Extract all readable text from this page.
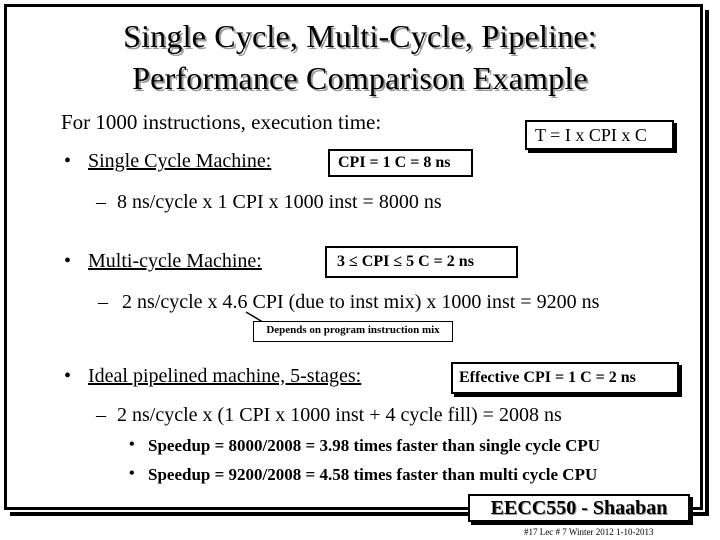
Single Cycle, Multi-Cycle, Pipeline:
Performance Comparison Example
For 1000 instructions, execution time:
T = I x CPI x C
• Single Cycle Machine:	CPI = 1 C = 8 ns
– 8 ns/cycle x 1 CPI x 1000 inst = 8000 ns
• Multi-cycle Machine:	3 ≤ CPI ≤ 5 C = 2 ns
– 2 ns/cycle x 4.6 CPI (due to inst mix) x 1000 inst = 9200 ns
Depends on program instruction mix
• Ideal pipelined machine, 5-stages:	Effective CPI = 1 C = 2 ns
– 2 ns/cycle x (1 CPI x 1000 inst + 4 cycle fill) = 2008 ns
• Speedup = 8000/2008 = 3.98 times faster than single cycle CPU
• Speedup = 9200/2008 = 4.58 times faster than multi cycle CPU
EECC550 - Shaaban
#17 Lec # 7 Winter 2012 1-10-2013
